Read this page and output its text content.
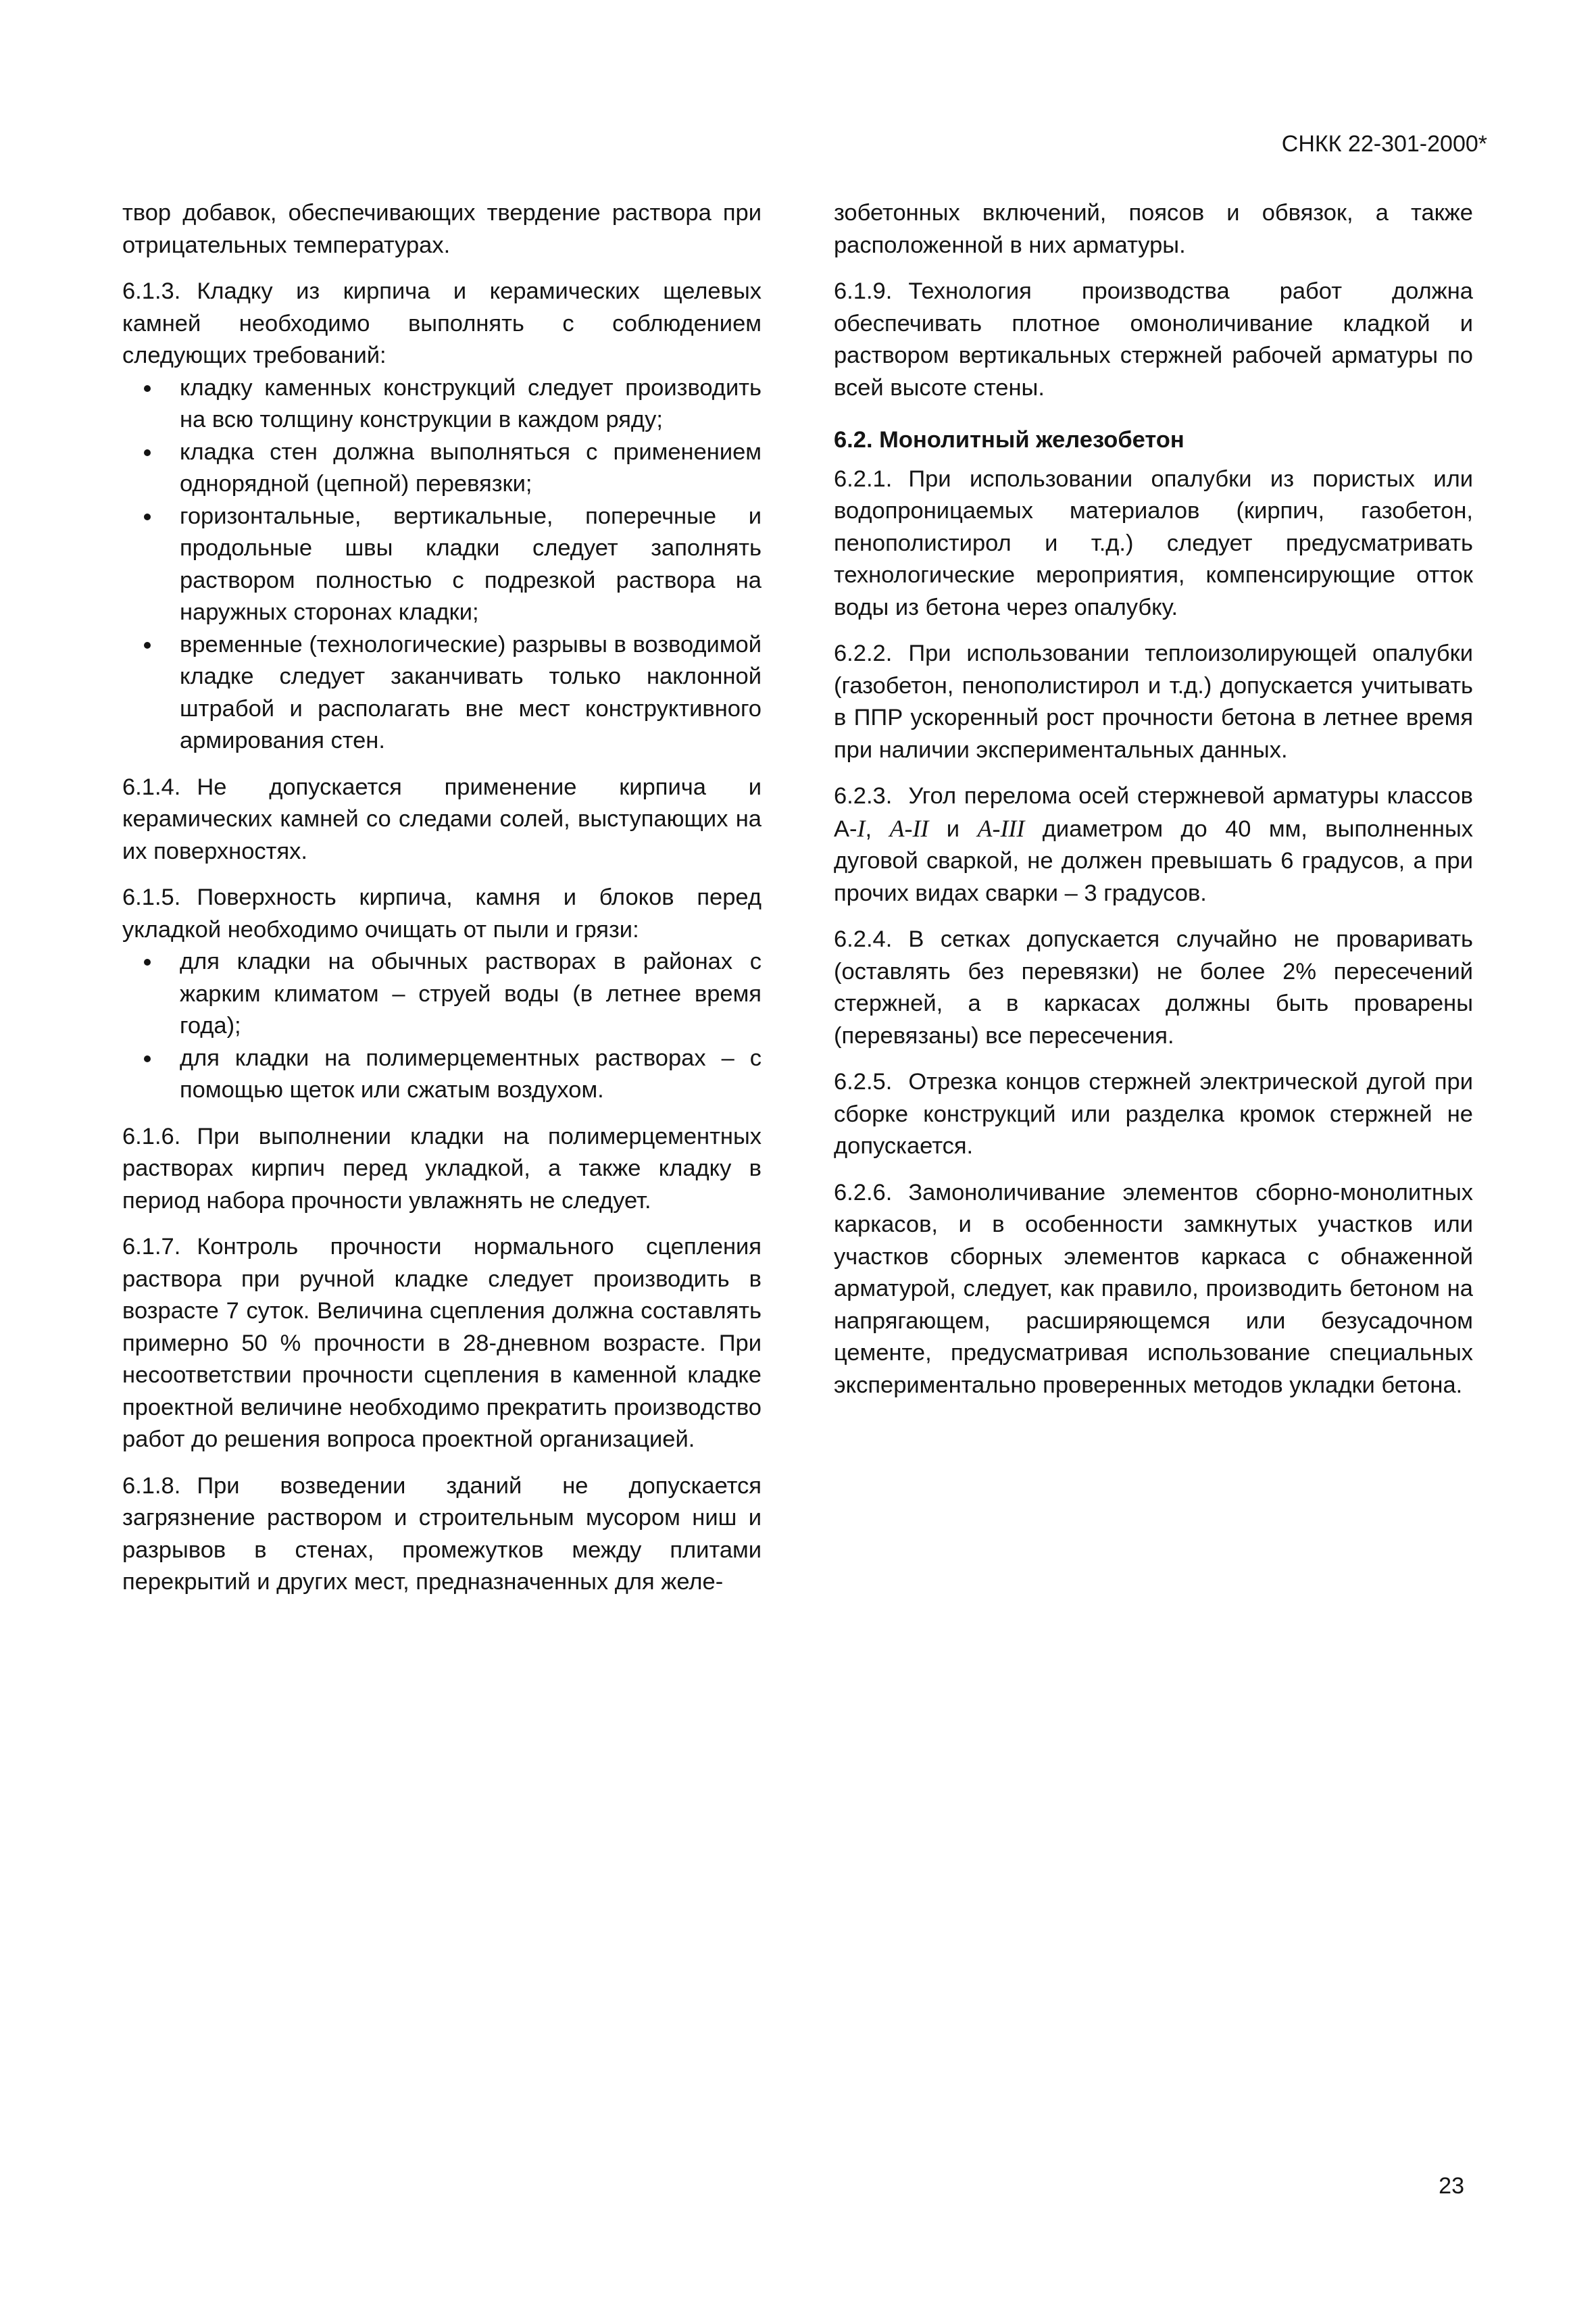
СНКК 22-301-2000*

твор добавок, обеспечивающих твердение раствора при отрицательных температурах.

6.1.3. Кладку из кирпича и керамических щелевых камней необходимо выполнять с соблюдением следующих требований:

кладку каменных конструкций следует производить на всю толщину конструкции в каждом ряду;
кладка стен должна выполняться с применением однорядной (цепной) перевязки;
горизонтальные, вертикальные, поперечные и продольные швы кладки следует заполнять раствором полностью с подрезкой раствора на наружных сторонах кладки;
временные (технологические) разрывы в возводимой кладке следует заканчивать только наклонной штрабой и располагать вне мест конструктивного армирования стен.

6.1.4. Не допускается применение кирпича и керамических камней со следами солей, выступающих на их поверхностях.

6.1.5. Поверхность кирпича, камня и блоков перед укладкой необходимо очищать от пыли и грязи:

для кладки на обычных растворах в районах с жарким климатом – струей воды (в летнее время года);
для кладки на полимерцементных растворах – с помощью щеток или сжатым воздухом.

6.1.6. При выполнении кладки на полимерцементных растворах кирпич перед укладкой, а также кладку в период набора прочности увлажнять не следует.

6.1.7. Контроль прочности нормального сцепления раствора при ручной кладке следует производить в возрасте 7 суток. Величина сцепления должна составлять примерно 50 % прочности в 28-дневном возрасте. При несоответствии прочности сцепления в каменной кладке проектной величине необходимо прекратить производство работ до решения вопроса проектной организацией.

6.1.8. При возведении зданий не допускается загрязнение раствором и строительным мусором ниш и разрывов в стенах, промежутков между плитами перекрытий и других мест, предназначенных для желе-

зобетонных включений, поясов и обвязок, а также расположенной в них арматуры.

6.1.9. Технология производства работ должна обеспечивать плотное омоноличивание кладкой и раствором вертикальных стержней рабочей арматуры по всей высоте стены.

6.2. Монолитный железобетон

6.2.1. При использовании опалубки из пористых или водопроницаемых материалов (кирпич, газобетон, пенополистирол и т.д.) следует предусматривать технологические мероприятия, компенсирующие отток воды из бетона через опалубку.

6.2.2. При использовании теплоизолирующей опалубки (газобетон, пенополистирол и т.д.) допускается учитывать в ППР ускоренный рост прочности бетона в летнее время при наличии экспериментальных данных.

6.2.3. Угол перелома осей стержневой арматуры классов А-I, A-II и A-III диаметром до 40 мм, выполненных дуговой сваркой, не должен превышать 6 градусов, а при прочих видах сварки – 3 градусов.

6.2.4. В сетках допускается случайно не проваривать (оставлять без перевязки) не более 2% пересечений стержней, а в каркасах должны быть проварены (перевязаны) все пересечения.

6.2.5. Отрезка концов стержней электрической дугой при сборке конструкций или разделка кромок стержней не допускается.

6.2.6. Замоноличивание элементов сборно-монолитных каркасов, и в особенности замкнутых участков или участков сборных элементов каркаса с обнаженной арматурой, следует, как правило, производить бетоном на напрягающем, расширяющемся или безусадочном цементе, предусматривая использование специальных экспериментально проверенных методов укладки бетона.

23
